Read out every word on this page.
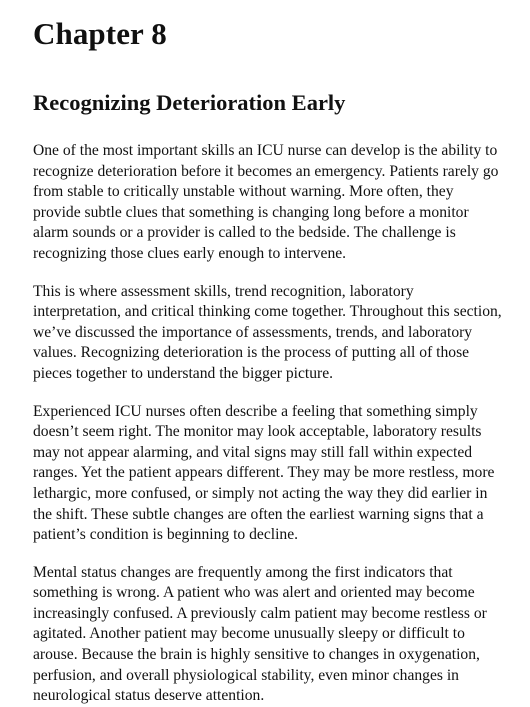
Chapter 8
Recognizing Deterioration Early

One of the most important skills an ICU nurse can develop is the ability to recognize deterioration before it becomes an emergency. Patients rarely go from stable to critically unstable without warning. More often, they provide subtle clues that something is changing long before a monitor alarm sounds or a provider is called to the bedside. The challenge is recognizing those clues early enough to intervene.

This is where assessment skills, trend recognition, laboratory interpretation, and critical thinking come together. Throughout this section, we’ve discussed the importance of assessments, trends, and laboratory values. Recognizing deterioration is the process of putting all of those pieces together to understand the bigger picture.

Experienced ICU nurses often describe a feeling that something simply doesn’t seem right. The monitor may look acceptable, laboratory results may not appear alarming, and vital signs may still fall within expected ranges. Yet the patient appears different. They may be more restless, more lethargic, more confused, or simply not acting the way they did earlier in the shift. These subtle changes are often the earliest warning signs that a patient’s condition is beginning to decline.

Mental status changes are frequently among the first indicators that something is wrong. A patient who was alert and oriented may become increasingly confused. A previously calm patient may become restless or agitated. Another patient may become unusually sleepy or difficult to arouse. Because the brain is highly sensitive to changes in oxygenation, perfusion, and overall physiological stability, even minor changes in neurological status deserve attention.
